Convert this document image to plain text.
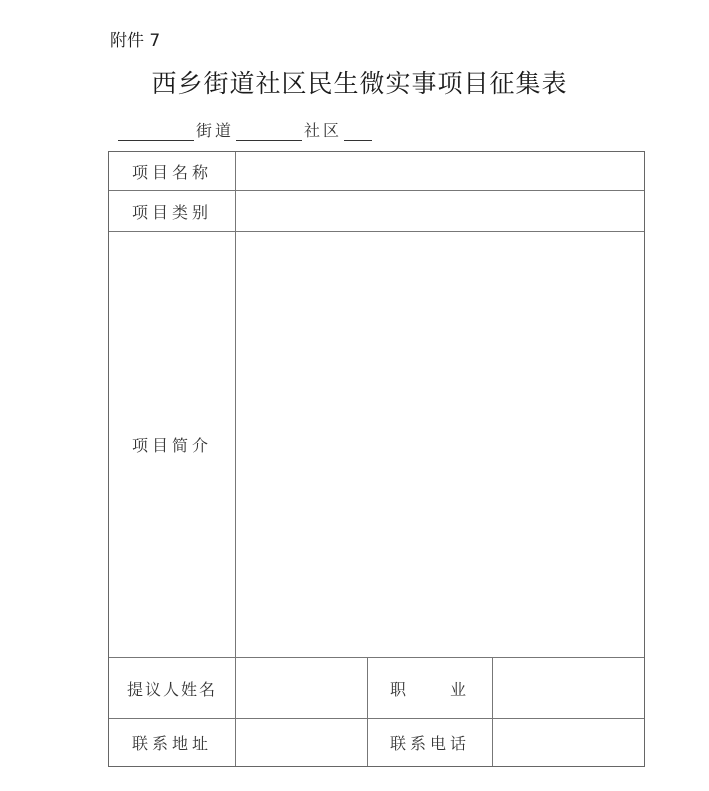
附件 7
西乡街道社区民生微实事项目征集表
街道	社区
项目名称
项目类别
项目简介
提议人姓名	职　　业
联系地址	联系电话
